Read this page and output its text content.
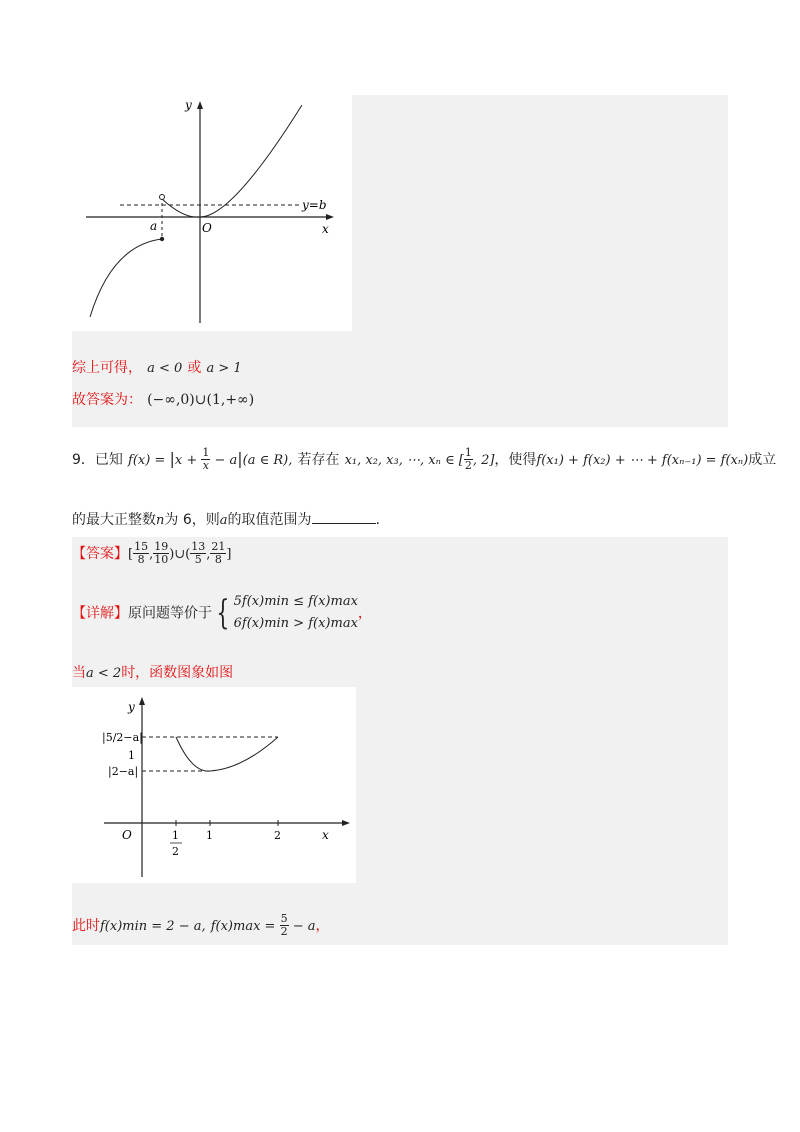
y
x
O
a
y=b
综上可得， a < 0 或 a > 1
故答案为： (−∞,0)∪(1,+∞)
9．已知 $f(x) = |x + \frac{1}{x} - a|(a$ ∈ R), 若存在 x₁, x₂, x₃, ⋯, xₙ ∈ [ $\frac{1}{2}$ , 2]，使得f(x₁) + f(x₂) + ⋯ + f(xₙ₋₁) = f(xₙ)成立
的最大正整数n为 6，则a的取值范围为	.
【答案】[ $\frac{15}{8}$ , $\frac{19}{10}$ )∪( $\frac{13}{5}$ , $\frac{21}{8}$ ]
【详解】原问题等价于 { 5f(x)min ≤ f(x)max
6f(x)min > f(x)max
，
当a < 2时，函数图象如图
y
x
O
|5/2−a|
1
|2−a|
1
2
1	2
此时f(x)min = 2 − a, $f(x)\max = \frac{5}{2} - a$，
